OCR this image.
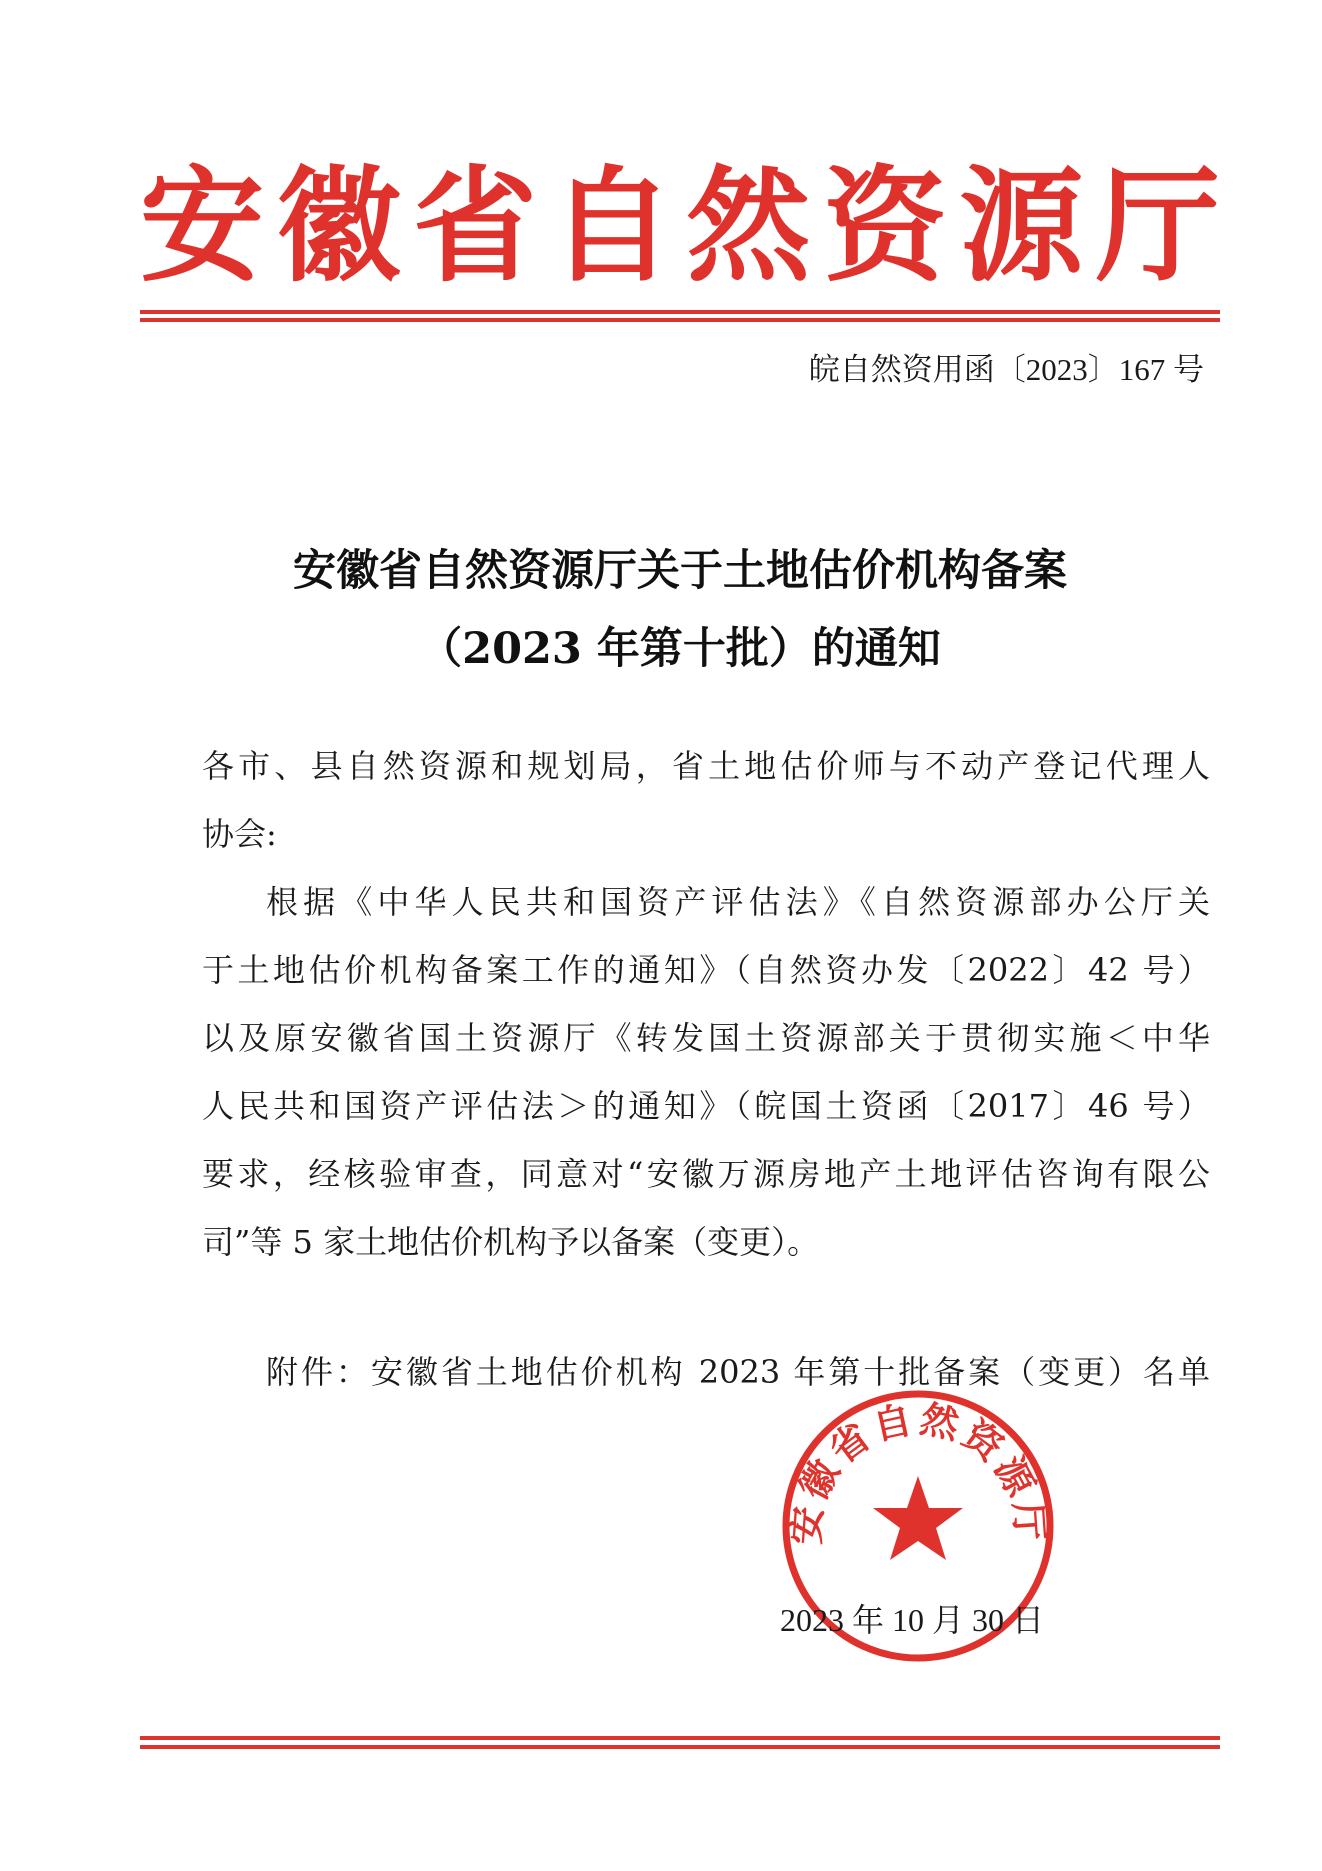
安 徽 省 自 然 资 源 厅
皖自然资用函〔2023〕167 号
安徽省自然资源厅关于土地估价机构备案
（2023 年第十批）的通知
各市、县自然资源和规划局，省土地估价师与不动产登记代理人
协会:
根据《中华人民共和国资产评估法》《自然资源部办公厅关
于土地估价机构备案工作的通知》（自然资办发〔2022〕42 号）
以及原安徽省国土资源厅《转发国土资源部关于贯彻实施＜中华
人民共和国资产评估法＞的通知》（皖国土资函〔2017〕46 号）
要求，经核验审查，同意对“安徽万源房地产土地评估咨询有限公
司”等 5 家土地估价机构予以备案（变更）。
附件：安徽省土地估价机构 2023 年第十批备案（变更）名单
安徽省自然资源厅
2023 年 10 月 30 日
